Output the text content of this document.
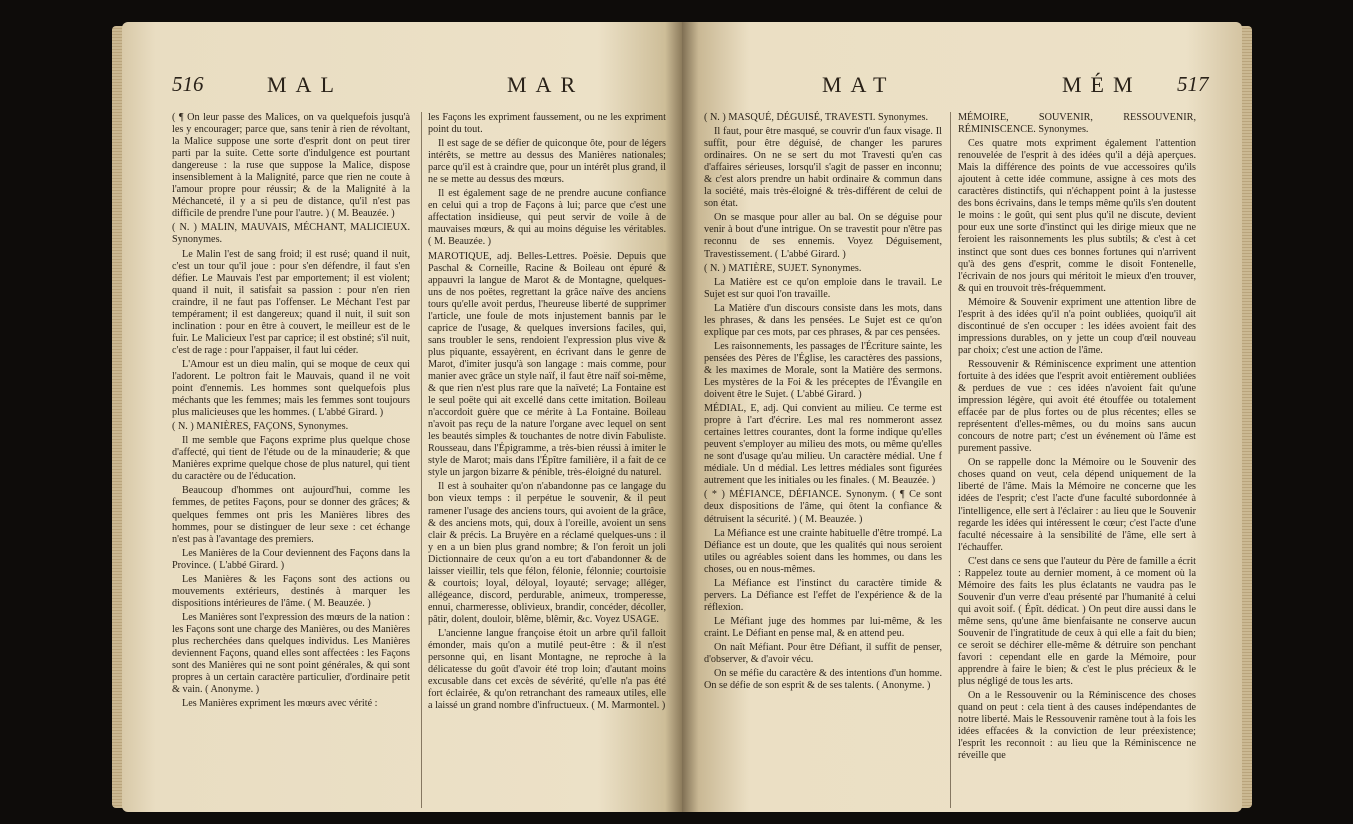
516	MAL	MAR

( ¶ On leur passe des Malices, on va quelquefois jusqu'à les y encourager; parce que, sans tenir à rien de révoltant, la Malice suppose une sorte d'esprit dont on peut tirer parti par la suite. Cette sorte d'indulgence est pourtant dangereuse : la ruse que suppose la Malice, dispose insensiblement à la Malignité, parce que rien ne coute à l'amour propre pour réussir; & de la Malignité à la Méchanceté, il y a si peu de distance, qu'il n'est pas difficile de prendre l'une pour l'autre. ) ( M. Beauzée. )

( N. ) MALIN, MAUVAIS, MÉCHANT, MALICIEUX. Synonymes.

Le Malin l'est de sang froid; il est rusé; quand il nuit, c'est un tour qu'il joue : pour s'en défendre, il faut s'en défier. Le Mauvais l'est par emportement; il est violent; quand il nuit, il satisfait sa passion : pour n'en rien craindre, il ne faut pas l'offenser. Le Méchant l'est par tempérament; il est dangereux; quand il nuit, il suit son inclination : pour en être à couvert, le meilleur est de le fuir. Le Malicieux l'est par caprice; il est obstiné; s'il nuit, c'est de rage : pour l'appaiser, il faut lui céder.

L'Amour est un dieu malin, qui se moque de ceux qui l'adorent. Le poltron fait le Mauvais, quand il ne voit point d'ennemis. Les hommes sont quelquefois plus méchants que les femmes; mais les femmes sont toujours plus malicieuses que les hommes. ( L'abbé Girard. )

( N. ) MANIÈRES, FAÇONS, Synonymes.

Il me semble que Façons exprime plus quelque chose d'affecté, qui tient de l'étude ou de la minauderie; & que Manières exprime quelque chose de plus naturel, qui tient du caractère ou de l'éducation.

Beaucoup d'hommes ont aujourd'hui, comme les femmes, de petites Façons, pour se donner des grâces; & quelques femmes ont pris les Manières libres des hommes, pour se distinguer de leur sexe : cet échange n'est pas à l'avantage des premiers.

Les Manières de la Cour deviennent des Façons dans la Province. ( L'abbé Girard. )

Les Manières & les Façons sont des actions ou mouvements extérieurs, destinés à marquer les dispositions intérieures de l'âme. ( M. Beauzée. )

Les Manières sont l'expression des mœurs de la nation : les Façons sont une charge des Manières, ou des Manières plus recherchées dans quelques individus. Les Manières deviennent Façons, quand elles sont affectées : les Façons sont des Manières qui ne sont point générales, & qui sont propres à un certain caractère particulier, d'ordinaire petit & vain. ( Anonyme. )

Les Manières expriment les mœurs avec vérité :

les Façons les expriment faussement, ou ne les expriment point du tout.

Il est sage de se défier de quiconque ôte, pour de légers intérêts, se mettre au dessus des Manières nationales; parce qu'il est à craindre que, pour un intérêt plus grand, il ne se mette au dessus des mœurs.

Il est également sage de ne prendre aucune confiance en celui qui a trop de Façons à lui; parce que c'est une affectation insidieuse, qui peut servir de voile à de mauvaises mœurs, & qui au moins déguise les véritables. ( M. Beauzée. )

MAROTIQUE, adj. Belles-Lettres. Poësie. Depuis que Paschal & Corneille, Racine & Boileau ont épuré & appauvri la langue de Marot & de Montagne, quelques-uns de nos poëtes, regrettant la grâce naïve des anciens tours qu'elle avoit perdus, l'heureuse liberté de supprimer l'article, une foule de mots injustement bannis par le caprice de l'usage, & quelques inversions faciles, qui, sans troubler le sens, rendoient l'expression plus vive & plus piquante, essayèrent, en écrivant dans le genre de Marot, d'imiter jusqu'à son langage : mais comme, pour manier avec grâce un style naïf, il faut être naïf soi-même, & que rien n'est plus rare que la naïveté; La Fontaine est le seul poëte qui ait excellé dans cette imitation. Boileau n'accordoit guère que ce mérite à La Fontaine. Boileau n'avoit pas reçu de la nature l'organe avec lequel on sent les beautés simples & touchantes de notre divin Fabuliste. Rousseau, dans l'Épigramme, a très-bien réussi à imiter le style de Marot; mais dans l'Épître familière, il a fait de ce style un jargon bizarre & pénible, très-éloigné du naturel.

Il est à souhaiter qu'on n'abandonne pas ce langage du bon vieux temps : il perpétue le souvenir, & il peut ramener l'usage des anciens tours, qui avoient de la grâce, & des anciens mots, qui, doux à l'oreille, avoient un sens clair & précis. La Bruyère en a réclamé quelques-uns : il y en a un bien plus grand nombre; & l'on feroit un joli Dictionnaire de ceux qu'on a eu tort d'abandonner & de laisser vieillir, tels que félon, félonie, félonnie; courtoisie & courtois; loyal, déloyal, loyauté; servage; alléger, allégeance, discord, perdurable, animeux, tromperesse, ennui, charmeresse, oblivieux, brandir, concéder, décoller, pâtir, dolent, douloir, blême, blêmir, &c. Voyez USAGE.

L'ancienne langue françoise étoit un arbre qu'il falloit émonder, mais qu'on a mutilé peut-être : & il n'est personne qui, en lisant Montagne, ne reproche à la délicatesse du goût d'avoir été trop loin; d'autant moins excusable dans cet excès de sévérité, qu'elle n'a pas été fort éclairée, & qu'on retranchant des rameaux utiles, elle a laissé un grand nombre d'infructueux. ( M. Marmontel. )

MAT	MÉM 517

( N. ) MASQUÉ, DÉGUISÉ, TRAVESTI. Synonymes.

Il faut, pour être masqué, se couvrir d'un faux visage. Il suffit, pour être déguisé, de changer les parures ordinaires. On ne se sert du mot Travesti qu'en cas d'affaires sérieuses, lorsqu'il s'agit de passer en inconnu; & c'est alors prendre un habit ordinaire & commun dans la société, mais très-éloigné & très-différent de celui de son état.

On se masque pour aller au bal. On se déguise pour venir à bout d'une intrigue. On se travestit pour n'être pas reconnu de ses ennemis. Voyez Déguisement, Travestissement. ( L'abbé Girard. )

( N. ) MATIÈRE, SUJET. Synonymes.

La Matière est ce qu'on emploie dans le travail. Le Sujet est sur quoi l'on travaille.

La Matière d'un discours consiste dans les mots, dans les phrases, & dans les pensées. Le Sujet est ce qu'on explique par ces mots, par ces phrases, & par ces pensées.

Les raisonnements, les passages de l'Écriture sainte, les pensées des Pères de l'Église, les caractères des passions, & les maximes de Morale, sont la Matière des sermons. Les mystères de la Foi & les préceptes de l'Évangile en doivent être le Sujet. ( L'abbé Girard. )

MÉDIAL, E, adj. Qui convient au milieu. Ce terme est propre à l'art d'écrire. Les mal res nommeront assez certaines lettres courantes, dont la forme indique qu'elles peuvent s'employer au milieu des mots, ou même qu'elles ne sont d'usage qu'au milieu. Un caractère médial. Une f médiale. Un d médial. Les lettres médiales sont figurées autrement que les initiales ou les finales. ( M. Beauzée. )

( * ) MÉFIANCE, DÉFIANCE. Synonym. ( ¶ Ce sont deux dispositions de l'âme, qui ôtent la confiance & détruisent la sécurité. ) ( M. Beauzée. )

La Méfiance est une crainte habituelle d'être trompé. La Défiance est un doute, que les qualités qui nous seroient utiles ou agréables soient dans les hommes, ou dans les choses, ou en nous-mêmes.

La Méfiance est l'instinct du caractère timide & pervers. La Défiance est l'effet de l'expérience & de la réflexion.

Le Méfiant juge des hommes par lui-même, & les craint. Le Défiant en pense mal, & en attend peu.

On naît Méfiant. Pour être Défiant, il suffit de penser, d'observer, & d'avoir vécu.

On se méfie du caractère & des intentions d'un homme. On se défie de son esprit & de ses talents. ( Anonyme. )

MÉMOIRE, SOUVENIR, RESSOUVENIR, RÉMINISCENCE. Synonymes.

Ces quatre mots expriment également l'attention renouvelée de l'esprit à des idées qu'il a déjà aperçues. Mais la différence des points de vue accessoires qu'ils ajoutent à cette idée commune, assigne à ces mots des caractères distinctifs, qui n'échappent point à la justesse des bons écrivains, dans le temps même qu'ils s'en doutent le moins : le goût, qui sent plus qu'il ne discute, devient pour eux une sorte d'instinct qui les dirige mieux que ne feroient les raisonnements les plus subtils; & c'est à cet instinct que sont dues ces bonnes fortunes qui n'arrivent qu'à des gens d'esprit, comme le disoit Fontenelle, l'écrivain de nos jours qui méritoit le mieux d'en trouver, & qui en trouvoit très-fréquemment.

Mémoire & Souvenir expriment une attention libre de l'esprit à des idées qu'il n'a point oubliées, quoiqu'il ait discontinué de s'en occuper : les idées avoient fait des impressions durables, on y jette un coup d'œil nouveau par choix; c'est une action de l'âme.

Ressouvenir & Réminiscence expriment une attention fortuite à des idées que l'esprit avoit entièrement oubliées & perdues de vue : ces idées n'avoient fait qu'une impression légère, qui avoit été étouffée ou totalement effacée par de plus fortes ou de plus récentes; elles se représentent d'elles-mêmes, ou du moins sans aucun concours de notre part; c'est un événement où l'âme est purement passive.

On se rappelle donc la Mémoire ou le Souvenir des choses quand on veut, cela dépend uniquement de la liberté de l'âme. Mais la Mémoire ne concerne que les idées de l'esprit; c'est l'acte d'une faculté subordonnée à l'intelligence, elle sert à l'éclairer : au lieu que le Souvenir regarde les idées qui intéressent le cœur; c'est l'acte d'une faculté nécessaire à la sensibilité de l'âme, elle sert à l'échauffer.

C'est dans ce sens que l'auteur du Père de famille a écrit : Rappelez toute au dernier moment, à ce moment où la Mémoire des faits les plus éclatants ne vaudra pas le Souvenir d'un verre d'eau présenté par l'humanité à celui qui avoit soif. ( Épît. dédicat. ) On peut dire aussi dans le même sens, qu'une âme bienfaisante ne conserve aucun Souvenir de l'ingratitude de ceux à qui elle a fait du bien; ce seroit se déchirer elle-même & détruire son penchant favori : cependant elle en garde la Mémoire, pour apprendre à faire le bien; & c'est le plus précieux & le plus négligé de tous les arts.

On a le Ressouvenir ou la Réminiscence des choses quand on peut : cela tient à des causes indépendantes de notre liberté. Mais le Ressouvenir ramène tout à la fois les idées effacées & la conviction de leur préexistence; l'esprit les reconnoit : au lieu que la Réminiscence ne réveille que
